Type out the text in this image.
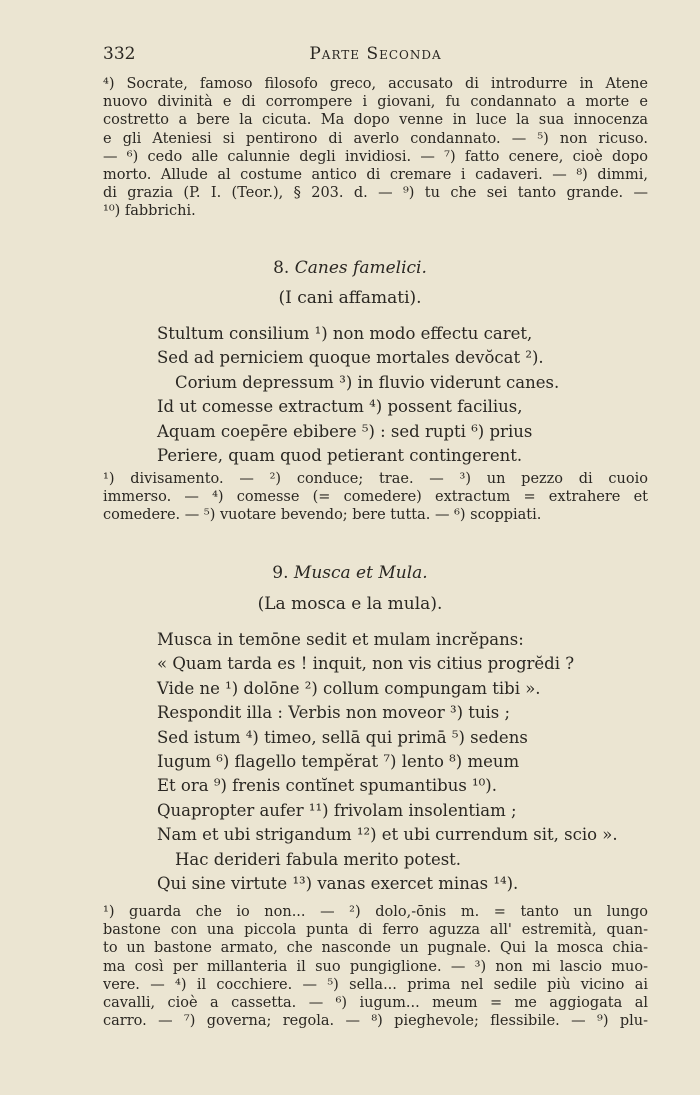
332	Parte Seconda
⁴) Socrate, famoso filosofo greco, accusato di introdurre in Atene
nuovo divinità e di corrompere i giovani, fu condannato a morte e
costretto a bere la cicuta. Ma dopo venne in luce la sua innocenza
e gli Ateniesi si pentirono di averlo condannato. — ⁵) non ricuso.
— ⁶) cedo alle calunnie degli invidiosi. — ⁷) fatto cenere, cioè dopo
morto. Allude al costume antico di cremare i cadaveri. — ⁸) dimmi,
di grazia (P. I. (Teor.), § 203. d. — ⁹) tu che sei tanto grande. —
¹⁰) fabbrichi.
8. Canes famelici.
(I cani affamati).
Stultum consilium ¹) non modo effectu caret,
Sed ad perniciem quoque mortales devŏcat ²).
Corium depressum ³) in fluvio viderunt canes.
Id ut comesse extractum ⁴) possent facilius,
Aquam coepēre ebibere ⁵) : sed rupti ⁶) prius
Periere, quam quod petierant contingerent.
¹) divisamento. — ²) conduce; trae. — ³) un pezzo di cuoio
immerso. — ⁴) comesse (= comedere) extractum = extrahere et
comedere. — ⁵) vuotare bevendo; bere tutta. — ⁶) scoppiati.
9. Musca et Mula.
(La mosca e la mula).
Musca in temōne sedit et mulam incrĕpans:
« Quam tarda es ! inquit, non vis citius progrĕdi ?
Vide ne ¹) dolōne ²) collum compungam tibi ».
Respondit illa : Verbis non moveor ³) tuis ;
Sed istum ⁴) timeo, sellā qui primā ⁵) sedens
Iugum ⁶) flagello tempĕrat ⁷) lento ⁸) meum
Et ora ⁹) frenis contĭnet spumantibus ¹⁰).
Quapropter aufer ¹¹) frivolam insolentiam ;
Nam et ubi strigandum ¹²) et ubi currendum sit, scio ».
Hac derideri fabula merito potest.
Qui sine virtute ¹³) vanas exercet minas ¹⁴).
¹) guarda che io non... — ²) dolo,-ōnis m. = tanto un lungo
bastone con una piccola punta di ferro aguzza all' estremità, quan-
to un bastone armato, che nasconde un pugnale. Qui la mosca chia-
ma così per millanteria il suo pungiglione. — ³) non mi lascio muo-
vere. — ⁴) il cocchiere. — ⁵) sella... prima nel sedile più vicino ai
cavalli, cioè a cassetta. — ⁶) iugum... meum = me aggiogata al
carro. — ⁷) governa; regola. — ⁸) pieghevole; flessibile. — ⁹) plu-
